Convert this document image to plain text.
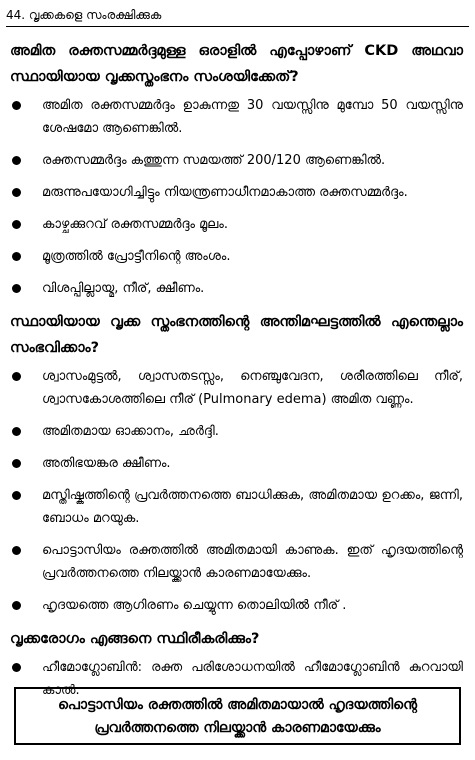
44. വൃക്കകളെ സംരക്ഷിക്കുക
അമിത രക്തസമ്മർദ്ദമുള്ള ഒരാളിൽ എപ്പോഴാണ് CKD അഥവാ സ്ഥായിയായ വൃക്കസ്തംഭനം സംശയിക്കേത്?
അമിത രക്തസമ്മർദ്ദം ഉാകുന്നതു 30 വയസ്സിനു മുമ്പോ 50 വയസ്സിനു ശേഷമോ ആണെങ്കിൽ.
രക്തസമ്മർദ്ദം കത്തുന്ന സമയത്ത് 200/120 ആണെങ്കിൽ.
മരുന്നുപയോഗിച്ചിട്ടും നിയന്ത്രണാധീനമാകാത്ത രക്തസമ്മർദ്ദം.
കാഴ്ചക്കുറവ് രക്തസമ്മർദ്ദം മൂലം.
മൂത്രത്തിൽ പ്രോട്ടീനിന്റെ അംശം.
വിശപ്പില്ലായ്മ, നീര്, ക്ഷീണം.
സ്ഥായിയായ വൃക്ക സ്തംഭനത്തിന്റെ അന്തിമഘട്ടത്തിൽ എന്തെല്ലാം സംഭവിക്കാം?
ശ്വാസംമുട്ടൽ, ശ്വാസതടസ്സം, നെഞ്ചുവേദന, ശരീരത്തിലെ നീര്, ശ്വാസകോശത്തിലെ നീര് (Pulmonary edema) അമിത വണ്ണം.
അമിതമായ ഓക്കാനം, ഛർദ്ദി.
അതിഭയങ്കര ക്ഷീണം.
മസ്തിഷ്കത്തിന്റെ പ്രവർത്തനത്തെ ബാധിക്കുക, അമിതമായ ഉറക്കം, ജന്നി, ബോധം മറയുക.
പൊട്ടാസിയം രക്തത്തിൽ അമിതമായി കാണുക. ഇത് ഹൃദയത്തിന്റെ പ്രവർത്തനത്തെ നിലയ്ക്കാൻ കാരണമായേക്കും.
ഹൃദയത്തെ ആഗിരണം ചെയ്യുന്ന തൊലിയിൽ നീര് .
വൃക്കരോഗം എങ്ങനെ സ്ഥിരീകരിക്കും?
ഹീമോഗ്ലോബിൻ: രക്ത പരിശോധനയിൽ ഹീമോഗ്ലോബിൻ കുറവായി കാൽ.
പൊട്ടാസിയം രക്തത്തിൽ അമിതമായാൽ ഹൃദയത്തിന്റെ
പ്രവർത്തനത്തെ നിലയ്ക്കാൻ കാരണമായേക്കും
